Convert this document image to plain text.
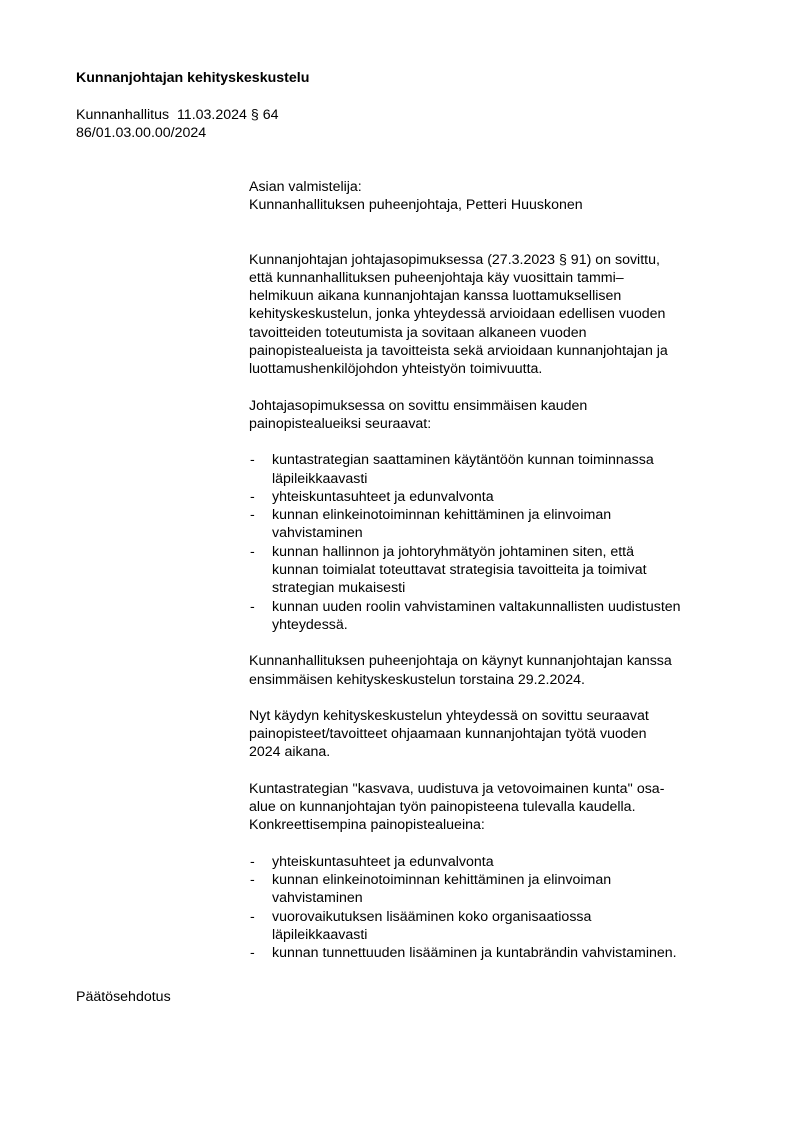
Kunnanjohtajan kehityskeskustelu
Kunnanhallitus  11.03.2024 § 64
86/01.03.00.00/2024

Asian valmistelija:

Kunnanhallituksen puheenjohtaja, Petteri Huuskonen

Kunnanjohtajan johtajasopimuksessa (27.3.2023 § 91) on sovittu,
että kunnanhallituksen puheenjohtaja käy vuosittain tammi–
helmikuun aikana kunnanjohtajan kanssa luottamuksellisen
kehityskeskustelun, jonka yhteydessä arvioidaan edellisen vuoden
tavoitteiden toteutumista ja sovitaan alkaneen vuoden
painopistealueista ja tavoitteista sekä arvioidaan kunnanjohtajan ja
luottamushenkilöjohdon yhteistyön toimivuutta.

Johtajasopimuksessa on sovittu ensimmäisen kauden
painopistealueiksi seuraavat:

- kuntastrategian saattaminen käytäntöön kunnan toiminnassa
läpileikkaavasti
- yhteiskuntasuhteet ja edunvalvonta
- kunnan elinkeinotoiminnan kehittäminen ja elinvoiman
vahvistaminen
- kunnan hallinnon ja johtoryhmätyön johtaminen siten, että
kunnan toimialat toteuttavat strategisia tavoitteita ja toimivat
strategian mukaisesti
- kunnan uuden roolin vahvistaminen valtakunnallisten uudistusten
yhteydessä.

Kunnanhallituksen puheenjohtaja on käynyt kunnanjohtajan kanssa
ensimmäisen kehityskeskustelun torstaina 29.2.2024.

Nyt käydyn kehityskeskustelun yhteydessä on sovittu seuraavat
painopisteet/tavoitteet ohjaamaan kunnanjohtajan työtä vuoden
2024 aikana.

Kuntastrategian ''kasvava, uudistuva ja vetovoimainen kunta'' osa-
alue on kunnanjohtajan työn painopisteena tulevalla kaudella.
Konkreettisempina painopistealueina:

- yhteiskuntasuhteet ja edunvalvonta
- kunnan elinkeinotoiminnan kehittäminen ja elinvoiman
vahvistaminen
- vuorovaikutuksen lisääminen koko organisaatiossa
läpileikkaavasti
- kunnan tunnettuuden lisääminen ja kuntabrändin vahvistaminen.
Päätösehdotus
